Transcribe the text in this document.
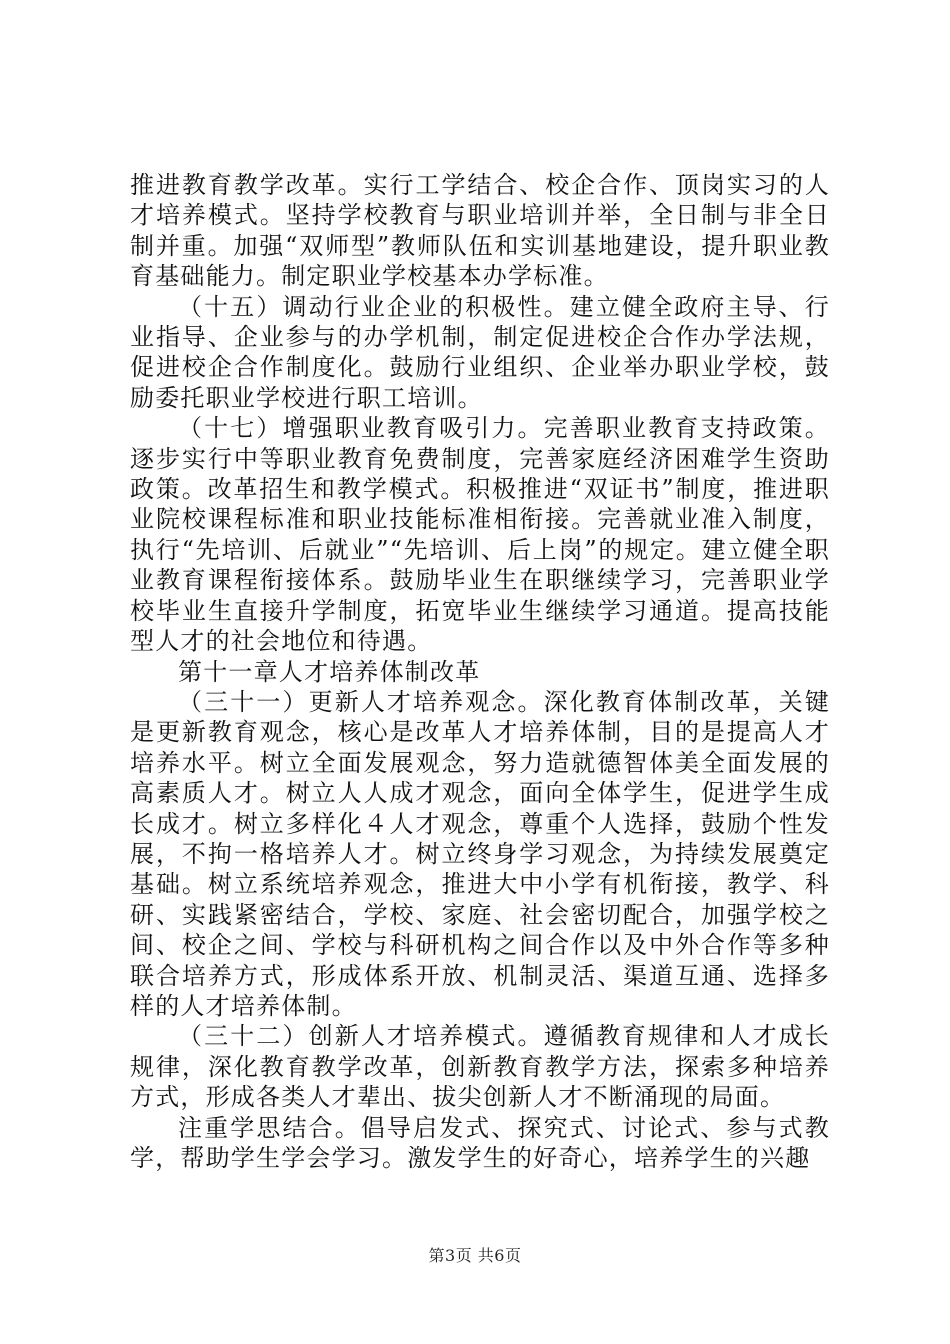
推进教育教学改革。实行工学结合、校企合作、顶岗实习的人才培养模式。坚持学校教育与职业培训并举，全日制与非全日制并重。加强“双师型”教师队伍和实训基地建设，提升职业教育基础能力。制定职业学校基本办学标准。

（十五）调动行业企业的积极性。建立健全政府主导、行业指导、企业参与的办学机制，制定促进校企合作办学法规，促进校企合作制度化。鼓励行业组织、企业举办职业学校，鼓励委托职业学校进行职工培训。

（十七）增强职业教育吸引力。完善职业教育支持政策。逐步实行中等职业教育免费制度，完善家庭经济困难学生资助政策。改革招生和教学模式。积极推进“双证书”制度，推进职业院校课程标准和职业技能标准相衔接。完善就业准入制度，执行“先培训、后就业”“先培训、后上岗”的规定。建立健全职业教育课程衔接体系。鼓励毕业生在职继续学习，完善职业学校毕业生直接升学制度，拓宽毕业生继续学习通道。提高技能型人才的社会地位和待遇。

第十一章人才培养体制改革

（三十一）更新人才培养观念。深化教育体制改革，关键是更新教育观念，核心是改革人才培养体制，目的是提高人才培养水平。树立全面发展观念，努力造就德智体美全面发展的高素质人才。树立人人成才观念，面向全体学生，促进学生成长成才。树立多样化４人才观念，尊重个人选择，鼓励个性发展，不拘一格培养人才。树立终身学习观念，为持续发展奠定基础。树立系统培养观念，推进大中小学有机衔接，教学、科研、实践紧密结合，学校、家庭、社会密切配合，加强学校之间、校企之间、学校与科研机构之间合作以及中外合作等多种联合培养方式，形成体系开放、机制灵活、渠道互通、选择多样的人才培养体制。

（三十二）创新人才培养模式。遵循教育规律和人才成长规律，深化教育教学改革，创新教育教学方法，探索多种培养方式，形成各类人才辈出、拔尖创新人才不断涌现的局面。

注重学思结合。倡导启发式、探究式、讨论式、参与式教学，帮助学生学会学习。激发学生的好奇心，培养学生的兴趣

第3页 共6页
